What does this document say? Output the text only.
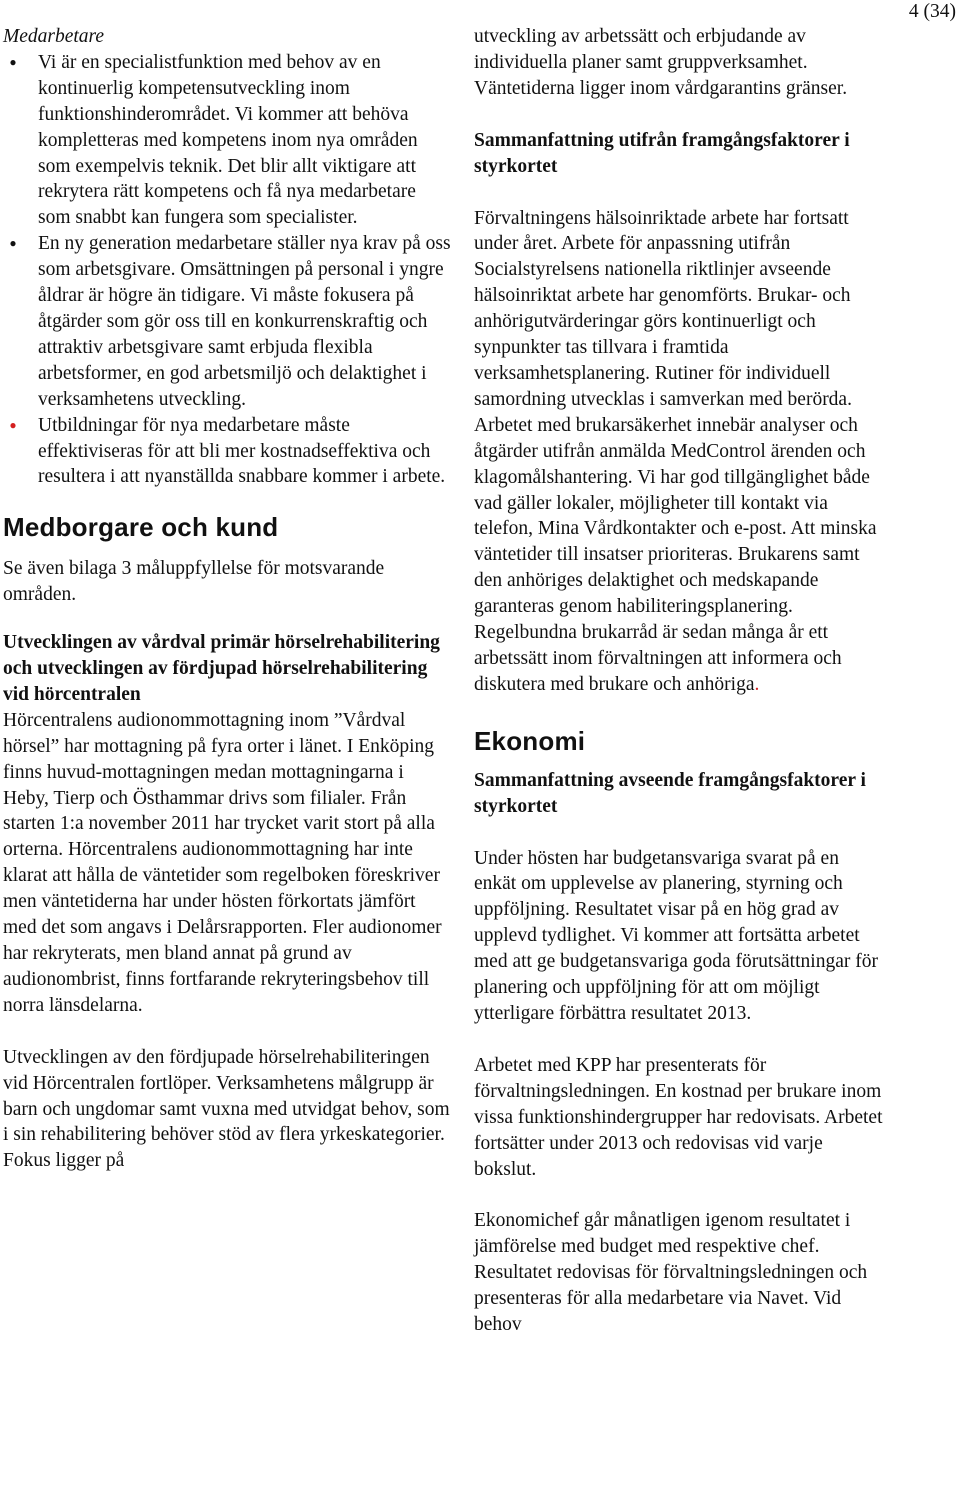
4 (34)

Medarbetare

●	Vi är en specialistfunktion med behov av en kontinuerlig kompetensutveckling inom funktionshinderområdet. Vi kommer att behöva kompletteras med kompetens inom nya områden som exempelvis teknik. Det blir allt viktigare att rekrytera rätt kompetens och få nya medarbetare som snabbt kan fungera som specialister.
●	En ny generation medarbetare ställer nya krav på oss som arbetsgivare. Omsättningen på personal i yngre åldrar är högre än tidigare. Vi måste fokusera på åtgärder som gör oss till en konkurrenskraftig och attraktiv arbetsgivare samt erbjuda flexibla arbetsformer, en god arbetsmiljö och delaktighet i verksamhetens utveckling.
●	Utbildningar för nya medarbetare måste effektiviseras för att bli mer kostnadseffektiva och resultera i att nyanställda snabbare kommer i arbete.
Medborgare och kund

Se även bilaga 3 måluppfyllelse för motsvarande områden.

Utvecklingen av vårdval primär hörselrehabilitering och utvecklingen av fördjupad hörselrehabilitering vid hörcentralen

Hörcentralens audionommottagning inom ”Vårdval hörsel” har mottagning på fyra orter i länet. I Enköping finns huvud-mottagningen medan mottagningarna i Heby, Tierp och Östhammar drivs som filialer. Från starten 1:a november 2011 har trycket varit stort på alla orterna. Hörcentralens audionommottagning har inte klarat att hålla de väntetider som regelboken föreskriver men väntetiderna har under hösten förkortats jämfört med det som angavs i Delårsrapporten. Fler audionomer har rekryterats, men bland annat på grund av audionombrist, finns fortfarande rekryteringsbehov till norra länsdelarna.

Utvecklingen av den fördjupade hörselrehabiliteringen vid Hörcentralen fortlöper. Verksamhetens målgrupp är barn och ungdomar samt vuxna med utvidgat behov, som i sin rehabilitering behöver stöd av flera yrkeskategorier. Fokus ligger på

utveckling av arbetssätt och erbjudande av individuella planer samt gruppverksamhet. Väntetiderna ligger inom vårdgarantins gränser.

Sammanfattning utifrån framgångsfaktorer i styrkortet

Förvaltningens hälsoinriktade arbete har fortsatt under året. Arbete för anpassning utifrån Socialstyrelsens nationella riktlinjer avseende hälsoinriktat arbete har genomförts. Brukar- och anhörigutvärderingar görs kontinuerligt och synpunkter tas tillvara i framtida verksamhetsplanering. Rutiner för individuell samordning utvecklas i samverkan med berörda. Arbetet med brukarsäkerhet innebär analyser och åtgärder utifrån anmälda MedControl ärenden och klagomålshantering. Vi har god tillgänglighet både vad gäller lokaler, möjligheter till kontakt via telefon, Mina Vårdkontakter och e-post. Att minska väntetider till insatser prioriteras. Brukarens samt den anhöriges delaktighet och medskapande garanteras genom habiliteringsplanering. Regelbundna brukarråd är sedan många år ett arbetssätt inom förvaltningen att informera och diskutera med brukare och anhöriga.

Ekonomi

Sammanfattning avseende framgångsfaktorer i styrkortet

Under hösten har budgetansvariga svarat på en enkät om upplevelse av planering, styrning och uppföljning. Resultatet visar på en hög grad av upplevd tydlighet. Vi kommer att fortsätta arbetet med att ge budgetansvariga goda förutsättningar för planering och uppföljning för att om möjligt ytterligare förbättra resultatet 2013.

Arbetet med KPP har presenterats för förvaltningsledningen. En kostnad per brukare inom vissa funktionshindergrupper har redovisats. Arbetet fortsätter under 2013 och redovisas vid varje bokslut.

Ekonomichef går månatligen igenom resultatet i jämförelse med budget med respektive chef. Resultatet redovisas för förvaltningsledningen och presenteras för alla medarbetare via Navet. Vid behov
